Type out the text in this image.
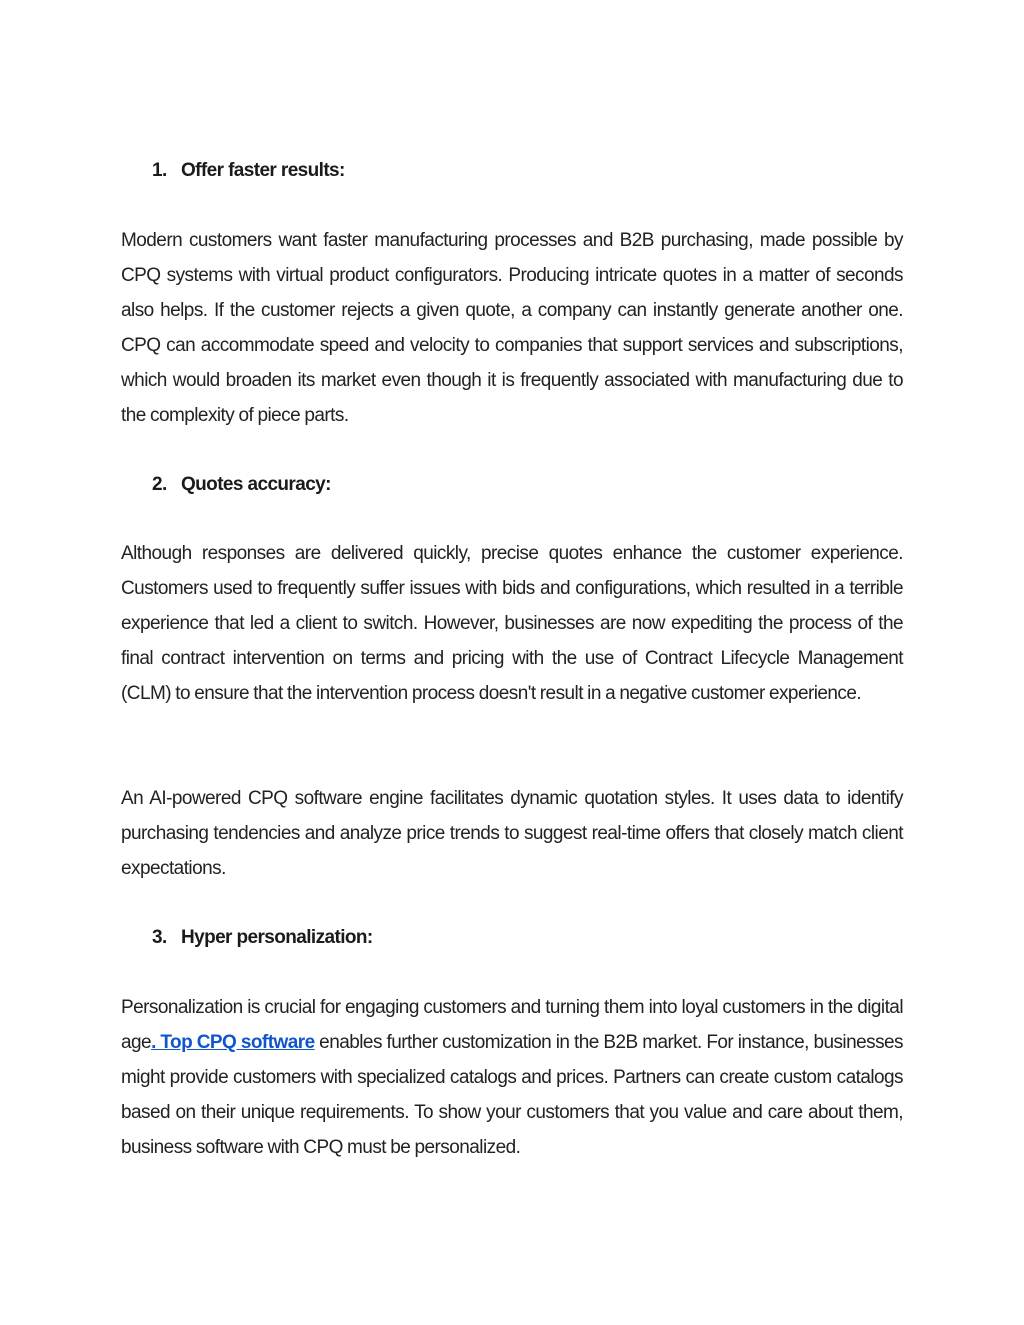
1. Offer faster results:

Modern customers want faster manufacturing processes and B2B purchasing, made possible by CPQ systems with virtual product configurators. Producing intricate quotes in a matter of seconds also helps. If the customer rejects a given quote, a company can instantly generate another one. CPQ can accommodate speed and velocity to companies that support services and subscriptions, which would broaden its market even though it is frequently associated with manufacturing due to the complexity of piece parts.

2. Quotes accuracy:

Although responses are delivered quickly, precise quotes enhance the customer experience. Customers used to frequently suffer issues with bids and configurations, which resulted in a terrible experience that led a client to switch. However, businesses are now expediting the process of the final contract intervention on terms and pricing with the use of Contract Lifecycle Management (CLM) to ensure that the intervention process doesn't result in a negative customer experience.

An AI-powered CPQ software engine facilitates dynamic quotation styles. It uses data to identify purchasing tendencies and analyze price trends to suggest real-time offers that closely match client expectations.

3. Hyper personalization:

Personalization is crucial for engaging customers and turning them into loyal customers in the digital age. Top CPQ software enables further customization in the B2B market. For instance, businesses might provide customers with specialized catalogs and prices. Partners can create custom catalogs based on their unique requirements. To show your customers that you value and care about them, business software with CPQ must be personalized.
